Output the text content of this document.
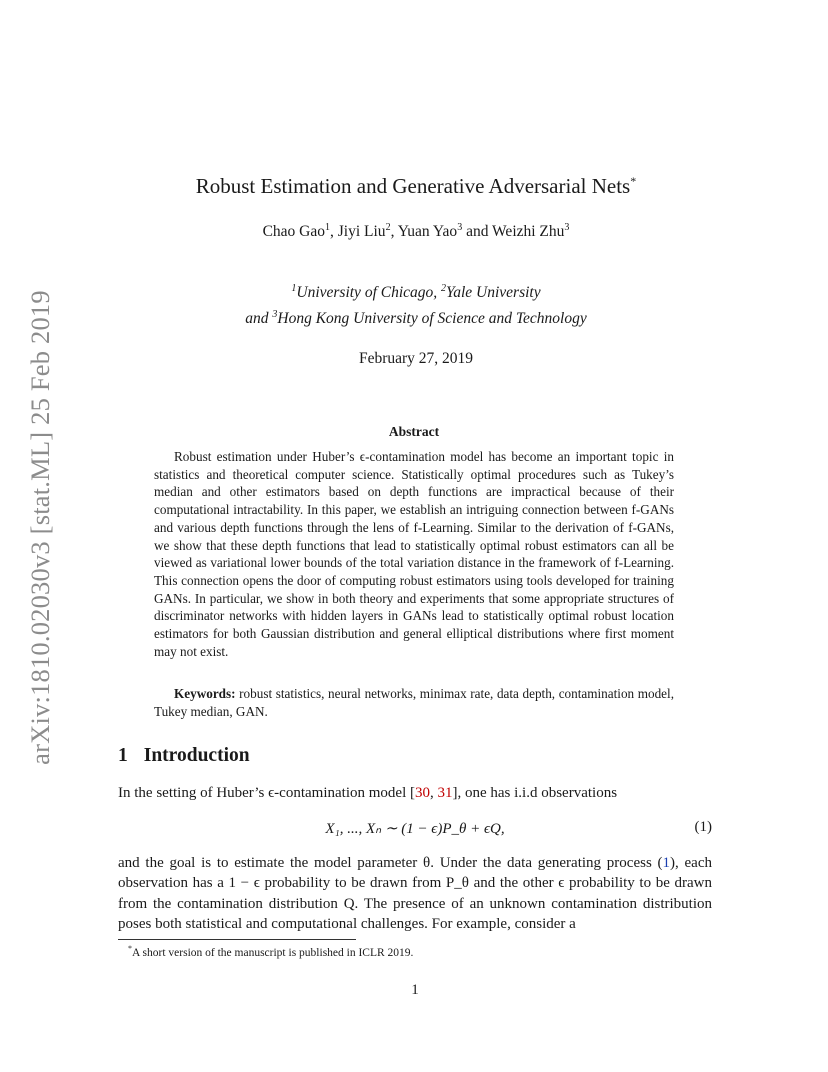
arXiv:1810.02030v3 [stat.ML] 25 Feb 2019
Robust Estimation and Generative Adversarial Nets*
Chao Gao$^1$, Jiyi Liu$^2$, Yuan Yao$^3$ and Weizhi Zhu$^3$
$^1$University of Chicago, $^2$Yale University
and $^3$Hong Kong University of Science and Technology
February 27, 2019
Abstract

Robust estimation under Huber’s ϵ-contamination model has become an important topic in statistics and theoretical computer science. Statistically optimal procedures such as Tukey’s median and other estimators based on depth functions are impractical because of their computational intractability. In this paper, we establish an intriguing connection between f-GANs and various depth functions through the lens of f-Learning. Similar to the derivation of f-GANs, we show that these depth functions that lead to statistically optimal robust estimators can all be viewed as variational lower bounds of the total variation distance in the framework of f-Learning. This connection opens the door of computing robust estimators using tools developed for training GANs. In particular, we show in both theory and experiments that some appropriate structures of discriminator networks with hidden layers in GANs lead to statistically optimal robust location estimators for both Gaussian distribution and general elliptical distributions where first moment may not exist.

Keywords: robust statistics, neural networks, minimax rate, data depth, contamination model, Tukey median, GAN.

1 Introduction

In the setting of Huber’s ϵ-contamination model [30, 31], one has i.i.d observations

X₁, ..., Xₙ ∼ (1 − ϵ)P_θ + ϵQ,	(1)

and the goal is to estimate the model parameter θ. Under the data generating process (1), each observation has a 1 − ϵ probability to be drawn from P_θ and the other ϵ probability to be drawn from the contamination distribution Q. The presence of an unknown contamination distribution poses both statistical and computational challenges. For example, consider a

*A short version of the manuscript is published in ICLR 2019.
1
